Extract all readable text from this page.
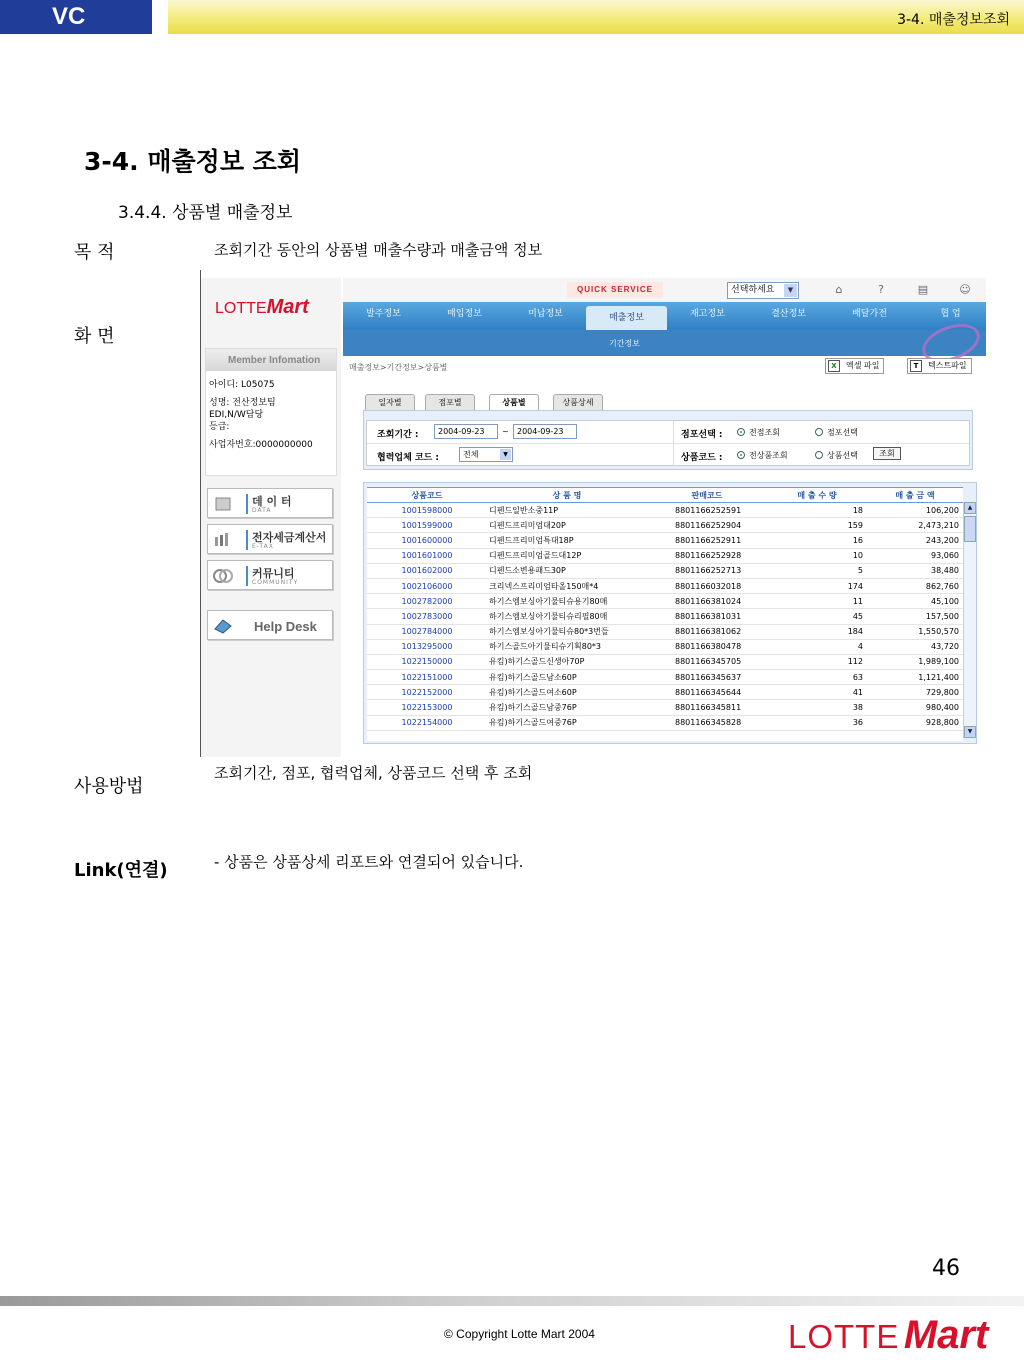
VC	3-4. 매출정보조회
3-4. 매출정보 조회
3.4.4. 상품별 매출정보
목 적	조회기간 동안의 상품별 매출수량과 매출금액 정보
화 면
사용방법
조회기간, 점포, 협력업체, 상품코드 선택 후 조회
Link(연결)	- 상품은 상품상세 리포트와 연결되어 있습니다.
LOTTEMart
Member Infomation
아이디: L05075
성명: 전산정보팀
EDI,N/W담당
등급:
사업자번호:0000000000
데 이 터
DATA
전자세금계산서
E-TAX
커뮤니티
COMMUNITY
Help Desk
QUICK SERVICE	선택하세요	▼	⌂	?	▤	☺
발주정보	매입정보	미납정보	매출정보	재고정보	결산정보	배달가전	협 업
기간정보
매출정보>기간정보>상품별	X	엑셀 파일	T	텍스트파일
일자별	점포별	상품별	상품상세
조회기간 :	2004-09-23	~	2004-09-23
협력업체 코드 :	전체	▼
점포선택 :	전점조회	점포선택
상품코드 :	전상품조회	상품선택	조회
상품코드	상 품 명	판매코드	매 출 수 량	매 출 금 액
1001598000	디펜드일반소중11P	8801166252591	18	106,200
1001599000	디펜드프리미엄대20P	8801166252904	159	2,473,210
1001600000	디펜드프리미엄특대18P	8801166252911	16	243,200
1001601000	디펜드프리미엄골드대12P	8801166252928	10	93,060
1001602000	디펜드소변용패드30P	8801166252713	5	38,480
1002106000	크리넥스프리미엄타올150매*4	8801166032018	174	862,760
1002782000	하기스엠보싱아기물티슈용기80매	8801166381024	11	45,100
1002783000	하기스엠보싱아기물티슈리필80매	8801166381031	45	157,500
1002784000	하기스엠보싱아기물티슈80*3번들	8801166381062	184	1,550,570
1013295000	하기스골드아기물티슈기획80*3	8801166380478	4	43,720
1022150000	유킴)하기스골드신생아70P	8801166345705	112	1,989,100
1022151000	유킴)하기스골드남소60P	8801166345637	63	1,121,400
1022152000	유킴)하기스골드여소60P	8801166345644	41	729,800
1022153000	유킴)하기스골드남중76P	8801166345811	38	980,400
1022154000	유킴)하기스골드여중76P	8801166345828	36	928,800
▲
▼
46
© Copyright Lotte Mart 2004	LOTTE Mart
